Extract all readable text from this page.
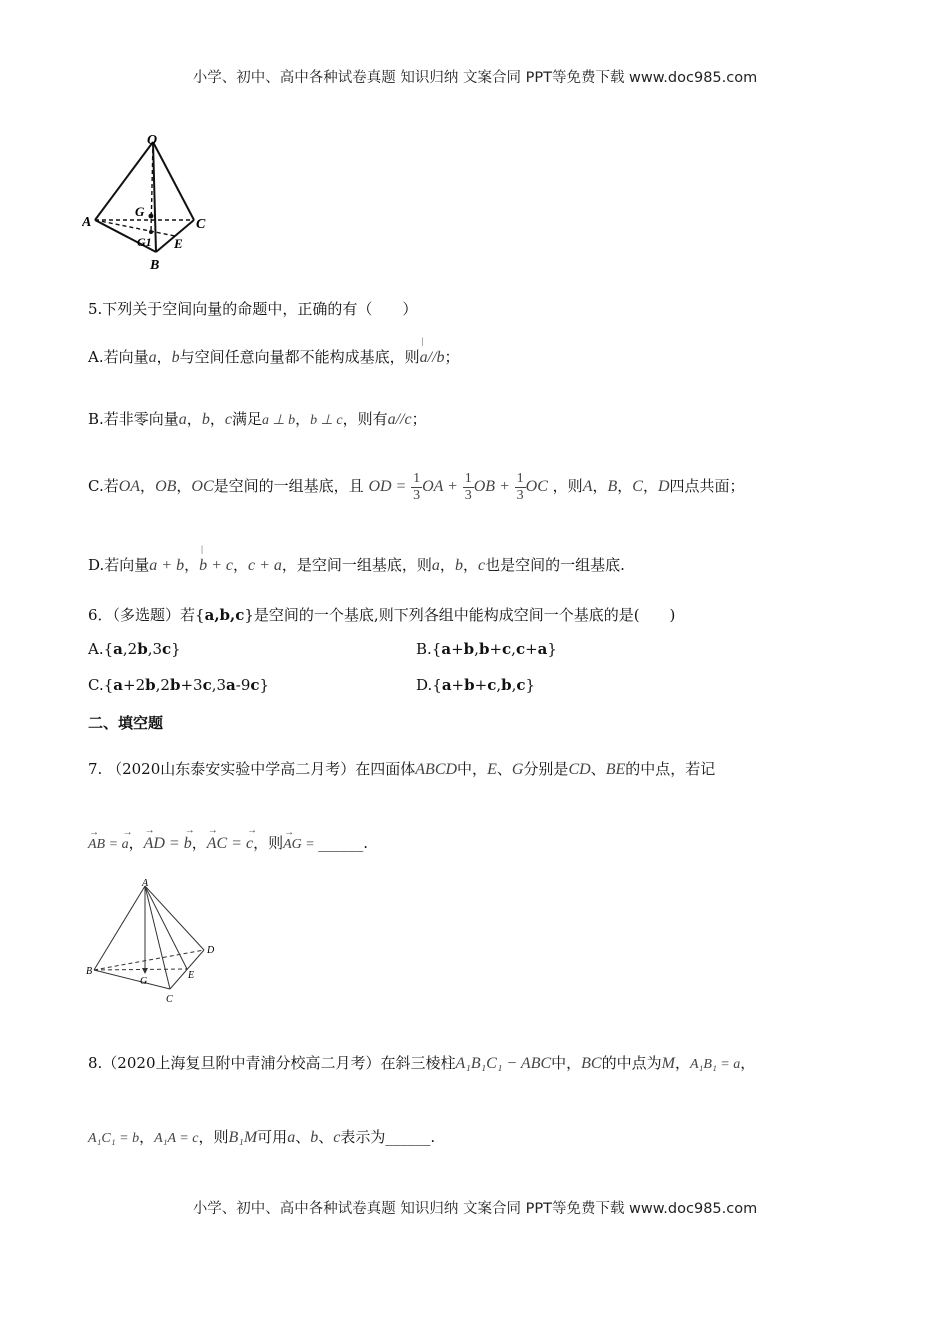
小学、初中、高中各种试卷真题 知识归纳 文案合同 PPT等免费下载 www.doc985.com
O
A	C
G
G1 E
B
5.下列关于空间向量的命题中，正确的有（　　）
A.若向量a，b与空间任意向量都不能构成基底，则| a//b；
B.若非零向量a，b，c满足a ⊥ b，b ⊥ c，则有a//c；
C.若OA，OB，OC是空间的一组基底，且 OD = $\frac{1}{3}$ OA + $\frac{1}{3}$ OB + $\frac{1}{3}$ OC ，则A，B，C，D四点共面；
D.若向量a + b，| b + c，c + a，是空间一组基底，则a，b，c也是空间的一组基底.
6．（多选题）若{a,b,c}是空间的一个基底,则下列各组中能构成空间一个基底的是(　　)
A.{a,2b,3c}	B.{a+b,b+c,c+a}
C.{a+2b,2b+3c,3a-9c}	D.{a+b+c,b,c}
二、填空题
7. （2020山东泰安实验中学高二月考）在四面体ABCD中，E、G分别是CD、BE的中点，若记
→ AB = → a，→ AD = → b，→ AC = → c，则→ AG = ______.
A
D
B
G
E
C
8.（2020上海复旦附中青浦分校高二月考）在斜三棱柱A₁B₁C₁ − ABC中，BC的中点为M，A₁B₁ = a，
A₁C₁ = b，A₁A = c，则B₁M可用a、b、c表示为______.
小学、初中、高中各种试卷真题 知识归纳 文案合同 PPT等免费下载 www.doc985.com
